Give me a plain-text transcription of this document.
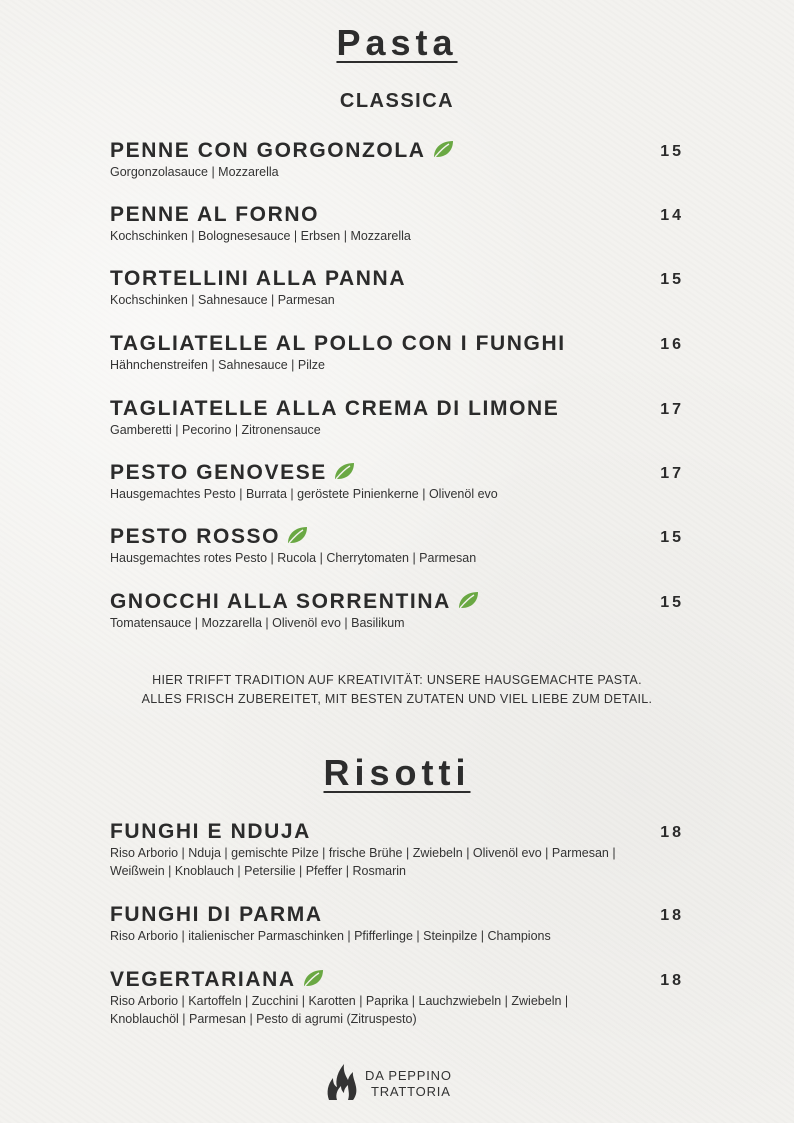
Pasta
CLASSICA
PENNE CON GORGONZOLA	15
Gorgonzolasauce | Mozzarella
PENNE AL FORNO	14
Kochschinken | Bolognesesauce | Erbsen | Mozzarella
TORTELLINI ALLA PANNA	15
Kochschinken | Sahnesauce | Parmesan
TAGLIATELLE AL POLLO CON I FUNGHI	16
Hähnchenstreifen | Sahnesauce | Pilze
TAGLIATELLE ALLA CREMA DI LIMONE	17
Gamberetti | Pecorino | Zitronensauce
PESTO GENOVESE	17
Hausgemachtes Pesto | Burrata | geröstete Pinienkerne | Olivenöl evo
PESTO ROSSO	15
Hausgemachtes rotes Pesto | Rucola | Cherrytomaten | Parmesan
GNOCCHI ALLA SORRENTINA	15
Tomatensauce | Mozzarella | Olivenöl evo | Basilikum
HIER TRIFFT TRADITION AUF KREATIVITÄT: UNSERE HAUSGEMACHTE PASTA.
ALLES FRISCH ZUBEREITET, MIT BESTEN ZUTATEN UND VIEL LIEBE ZUM DETAIL.
Risotti
FUNGHI E NDUJA	18
Riso Arborio | Nduja | gemischte Pilze | frische Brühe | Zwiebeln | Olivenöl evo | Parmesan | Weißwein | Knoblauch | Petersilie | Pfeffer | Rosmarin
FUNGHI DI PARMA	18
Riso Arborio | italienischer Parmaschinken | Pfifferlinge | Steinpilze | Champions
VEGERTARIANA	18
Riso Arborio | Kartoffeln | Zucchini | Karotten | Paprika | Lauchzwiebeln | Zwiebeln | Knoblauchöl | Parmesan | Pesto di agrumi (Zitruspesto)
DA PEPPINO
TRATTORIA
